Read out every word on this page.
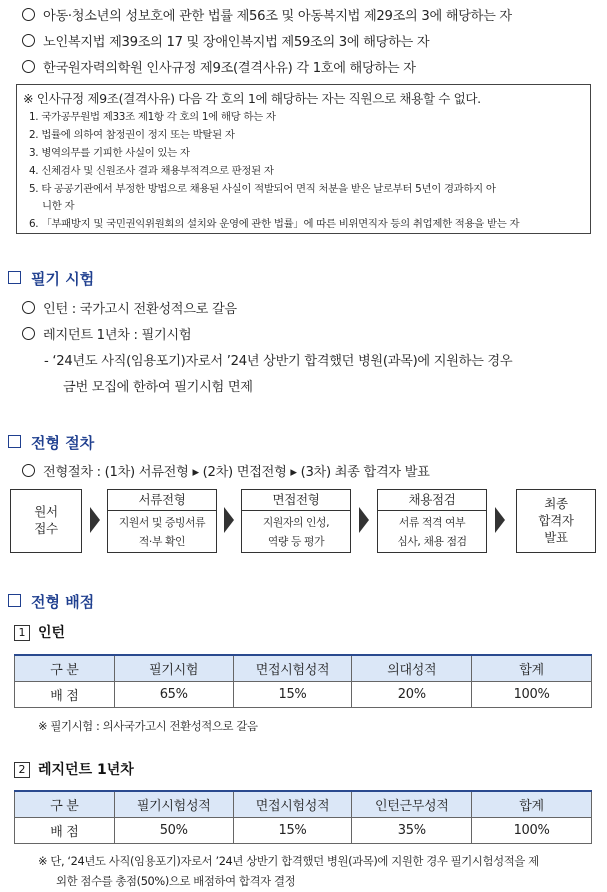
아동·청소년의 성보호에 관한 법률 제56조 및 아동복지법 제29조의 3에 해당하는 자
노인복지법 제39조의 17 및 장애인복지법 제59조의 3에 해당하는 자
한국원자력의학원 인사규정 제9조(결격사유) 각 1호에 해당하는 자
※ 인사규정 제9조(결격사유) 다음 각 호의 1에 해당하는 자는 직원으로 채용할 수 없다.
1. 국가공무원법 제33조 제1항 각 호의 1에 해당 하는 자
2. 법률에 의하여 참정권이 정지 또는 박탈된 자
3. 병역의무를 기피한 사실이 있는 자
4. 신체검사 및 신원조사 결과 채용부적격으로 판정된 자
5. 타 공공기관에서 부정한 방법으로 채용된 사실이 적발되어 면직 처분을 받은 날로부터 5년이 경과하지 아
니한 자
6. 「부패방지 및 국민권익위원회의 설치와 운영에 관한 법률」에 따른 비위면직자 등의 취업제한 적용을 받는 자
필기 시험
인턴 : 국가고시 전환성적으로 갈음
레지던트 1년차 : 필기시험
- ‘24년도 사직(임용포기)자로서 ’24년 상반기 합격했던 병원(과목)에 지원하는 경우
금번 모집에 한하여 필기시험 면제
전형 절차
전형절차 : (1차) 서류전형 ▸ (2차) 면접전형 ▸ (3차) 최종 합격자 발표
원서
접수
서류전형
지원서 및 증빙서류
적·부 확인
면접전형
지원자의 인성,
역량 등 평가
채용점검
서류 적격 여부
심사, 채용 점검
최종
합격자
발표
전형 배점
1 인턴
구 분	필기시험	면접시험성적	의대성적	합계
배 점	65%	15%	20%	100%
※ 필기시험 : 의사국가고시 전환성적으로 갈음
2 레지던트 1년차
구 분	필기시험성적	면접시험성적	인턴근무성적	합계
배 점	50%	15%	35%	100%
※ 단, ‘24년도 사직(임용포기)자로서 ’24년 상반기 합격했던 병원(과목)에 지원한 경우 필기시험성적을 제
외한 점수를 총점(50%)으로 배점하여 합격자 결정
